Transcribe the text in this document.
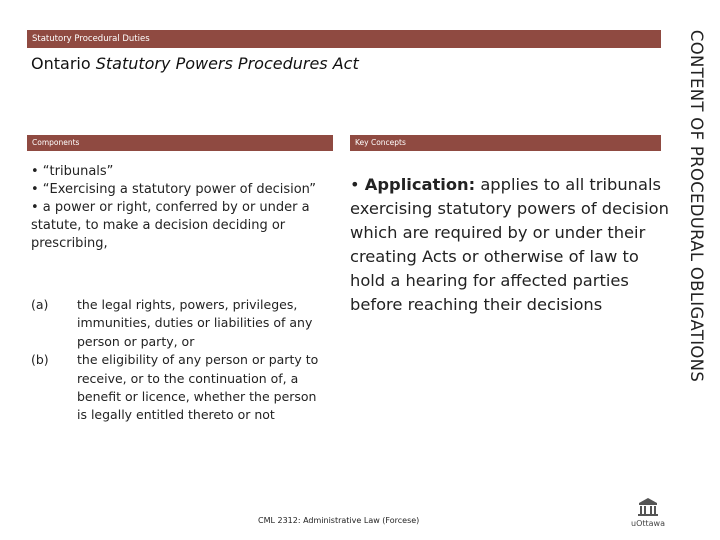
Statutory Procedural Duties
Ontario Statutory Powers Procedures Act
Components	Key Concepts

• “tribunals”

• “Exercising a statutory power of decision”

• a power or right, conferred by or under a statute, to make a decision deciding or prescribing,

(a)	the legal rights, powers, privileges, immunities, duties or liabilities of any person or party, or
(b)	the eligibility of any person or party to receive, or to the continuation of, a benefit or licence, whether the person is legally entitled thereto or not
• Application: applies to all tribunals exercising statutory powers of decision which are required by or under their creating Acts or otherwise of law to hold a hearing for affected parties before reaching their decisions	CONTENT OF PROCEDURAL OBLIGATIONS
CML 2312: Administrative Law (Forcese)	uOttawa
